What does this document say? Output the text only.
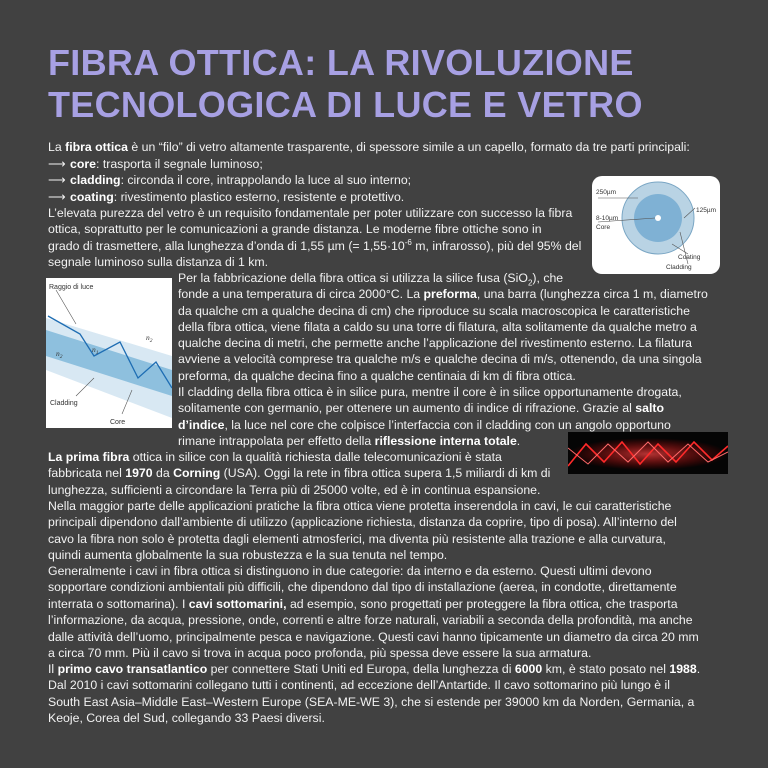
FIBRA OTTICA: LA RIVOLUZIONE
TECNOLOGICA DI LUCE E VETRO

La fibra ottica è un “filo” di vetro altamente trasparente, di spessore simile a un capello, formato da tre parti principali:

⟶ core: trasporta il segnale luminoso;
⟶ cladding: circonda il core, intrappolando la luce al suo interno;
⟶ coating: rivestimento plastico esterno, resistente e protettivo.
L’elevata purezza del vetro è un requisito fondamentale per poter utilizzare con successo la fibra
ottica, soprattutto per le comunicazioni a grande distanza. Le moderne fibre ottiche sono in
grado di trasmettere, alla lunghezza d’onda di 1,55 µm (= $1,55\cdot 10^{-6}$ m, infrarosso), più del 95% del
segnale luminoso sulla distanza di 1 km.
250µm
125µm
8-10µm
Core
Coating
Cladding
Raggio di luce
$n_2$
$n_1$
$n_2$
Cladding
Core
Per la fabbricazione della fibra ottica si utilizza la silice fusa (SiO$_2$), che
fonde a una temperatura di circa 2000°C. La preforma, una barra (lunghezza circa 1 m, diametro
da qualche cm a qualche decina di cm) che riproduce su scala macroscopica le caratteristiche
della fibra ottica, viene filata a caldo su una torre di filatura, alta solitamente da qualche metro a
qualche decina di metri, che permette anche l’applicazione del rivestimento esterno. La filatura
avviene a velocità comprese tra qualche m/s e qualche decina di m/s, ottenendo, da una singola
preforma, da qualche decina fino a qualche centinaia di km di fibra ottica.
Il cladding della fibra ottica è in silice pura, mentre il core è in silice opportunamente drogata,
solitamente con germanio, per ottenere un aumento di indice di rifrazione. Grazie al salto
d’indice, la luce nel core che colpisce l’interfaccia con il cladding con un angolo opportuno
rimane intrappolata per effetto della riflessione interna totale.
La prima fibra ottica in silice con la qualità richiesta dalle telecomunicazioni è stata
fabbricata nel 1970 da Corning (USA). Oggi la rete in fibra ottica supera 1,5 miliardi di km di
lunghezza, sufficienti a circondare la Terra più di 25000 volte, ed è in continua espansione.
Nella maggior parte delle applicazioni pratiche la fibra ottica viene protetta inserendola in cavi, le cui caratteristiche
principali dipendono dall’ambiente di utilizzo (applicazione richiesta, distanza da coprire, tipo di posa). All’interno del
cavo la fibra non solo è protetta dagli elementi atmosferici, ma diventa più resistente alla trazione e alla curvatura,
quindi aumenta globalmente la sua robustezza e la sua tenuta nel tempo.
Generalmente i cavi in fibra ottica si distinguono in due categorie: da interno e da esterno. Questi ultimi devono
sopportare condizioni ambientali più difficili, che dipendono dal tipo di installazione (aerea, in condotte, direttamente
interrata o sottomarina). I cavi sottomarini, ad esempio, sono progettati per proteggere la fibra ottica, che trasporta
l’informazione, da acqua, pressione, onde, correnti e altre forze naturali, variabili a seconda della profondità, ma anche
dalle attività dell’uomo, principalmente pesca e navigazione. Questi cavi hanno tipicamente un diametro da circa 20 mm
a circa 70 mm. Più il cavo si trova in acqua poco profonda, più spessa deve essere la sua armatura.
Il primo cavo transatlantico per connettere Stati Uniti ed Europa, della lunghezza di 6000 km, è stato posato nel 1988.
Dal 2010 i cavi sottomarini collegano tutti i continenti, ad eccezione dell’Antartide. Il cavo sottomarino più lungo è il
South East Asia–Middle East–Western Europe (SEA-ME-WE 3), che si estende per 39000 km da Norden, Germania, a
Keoje, Corea del Sud, collegando 33 Paesi diversi.
